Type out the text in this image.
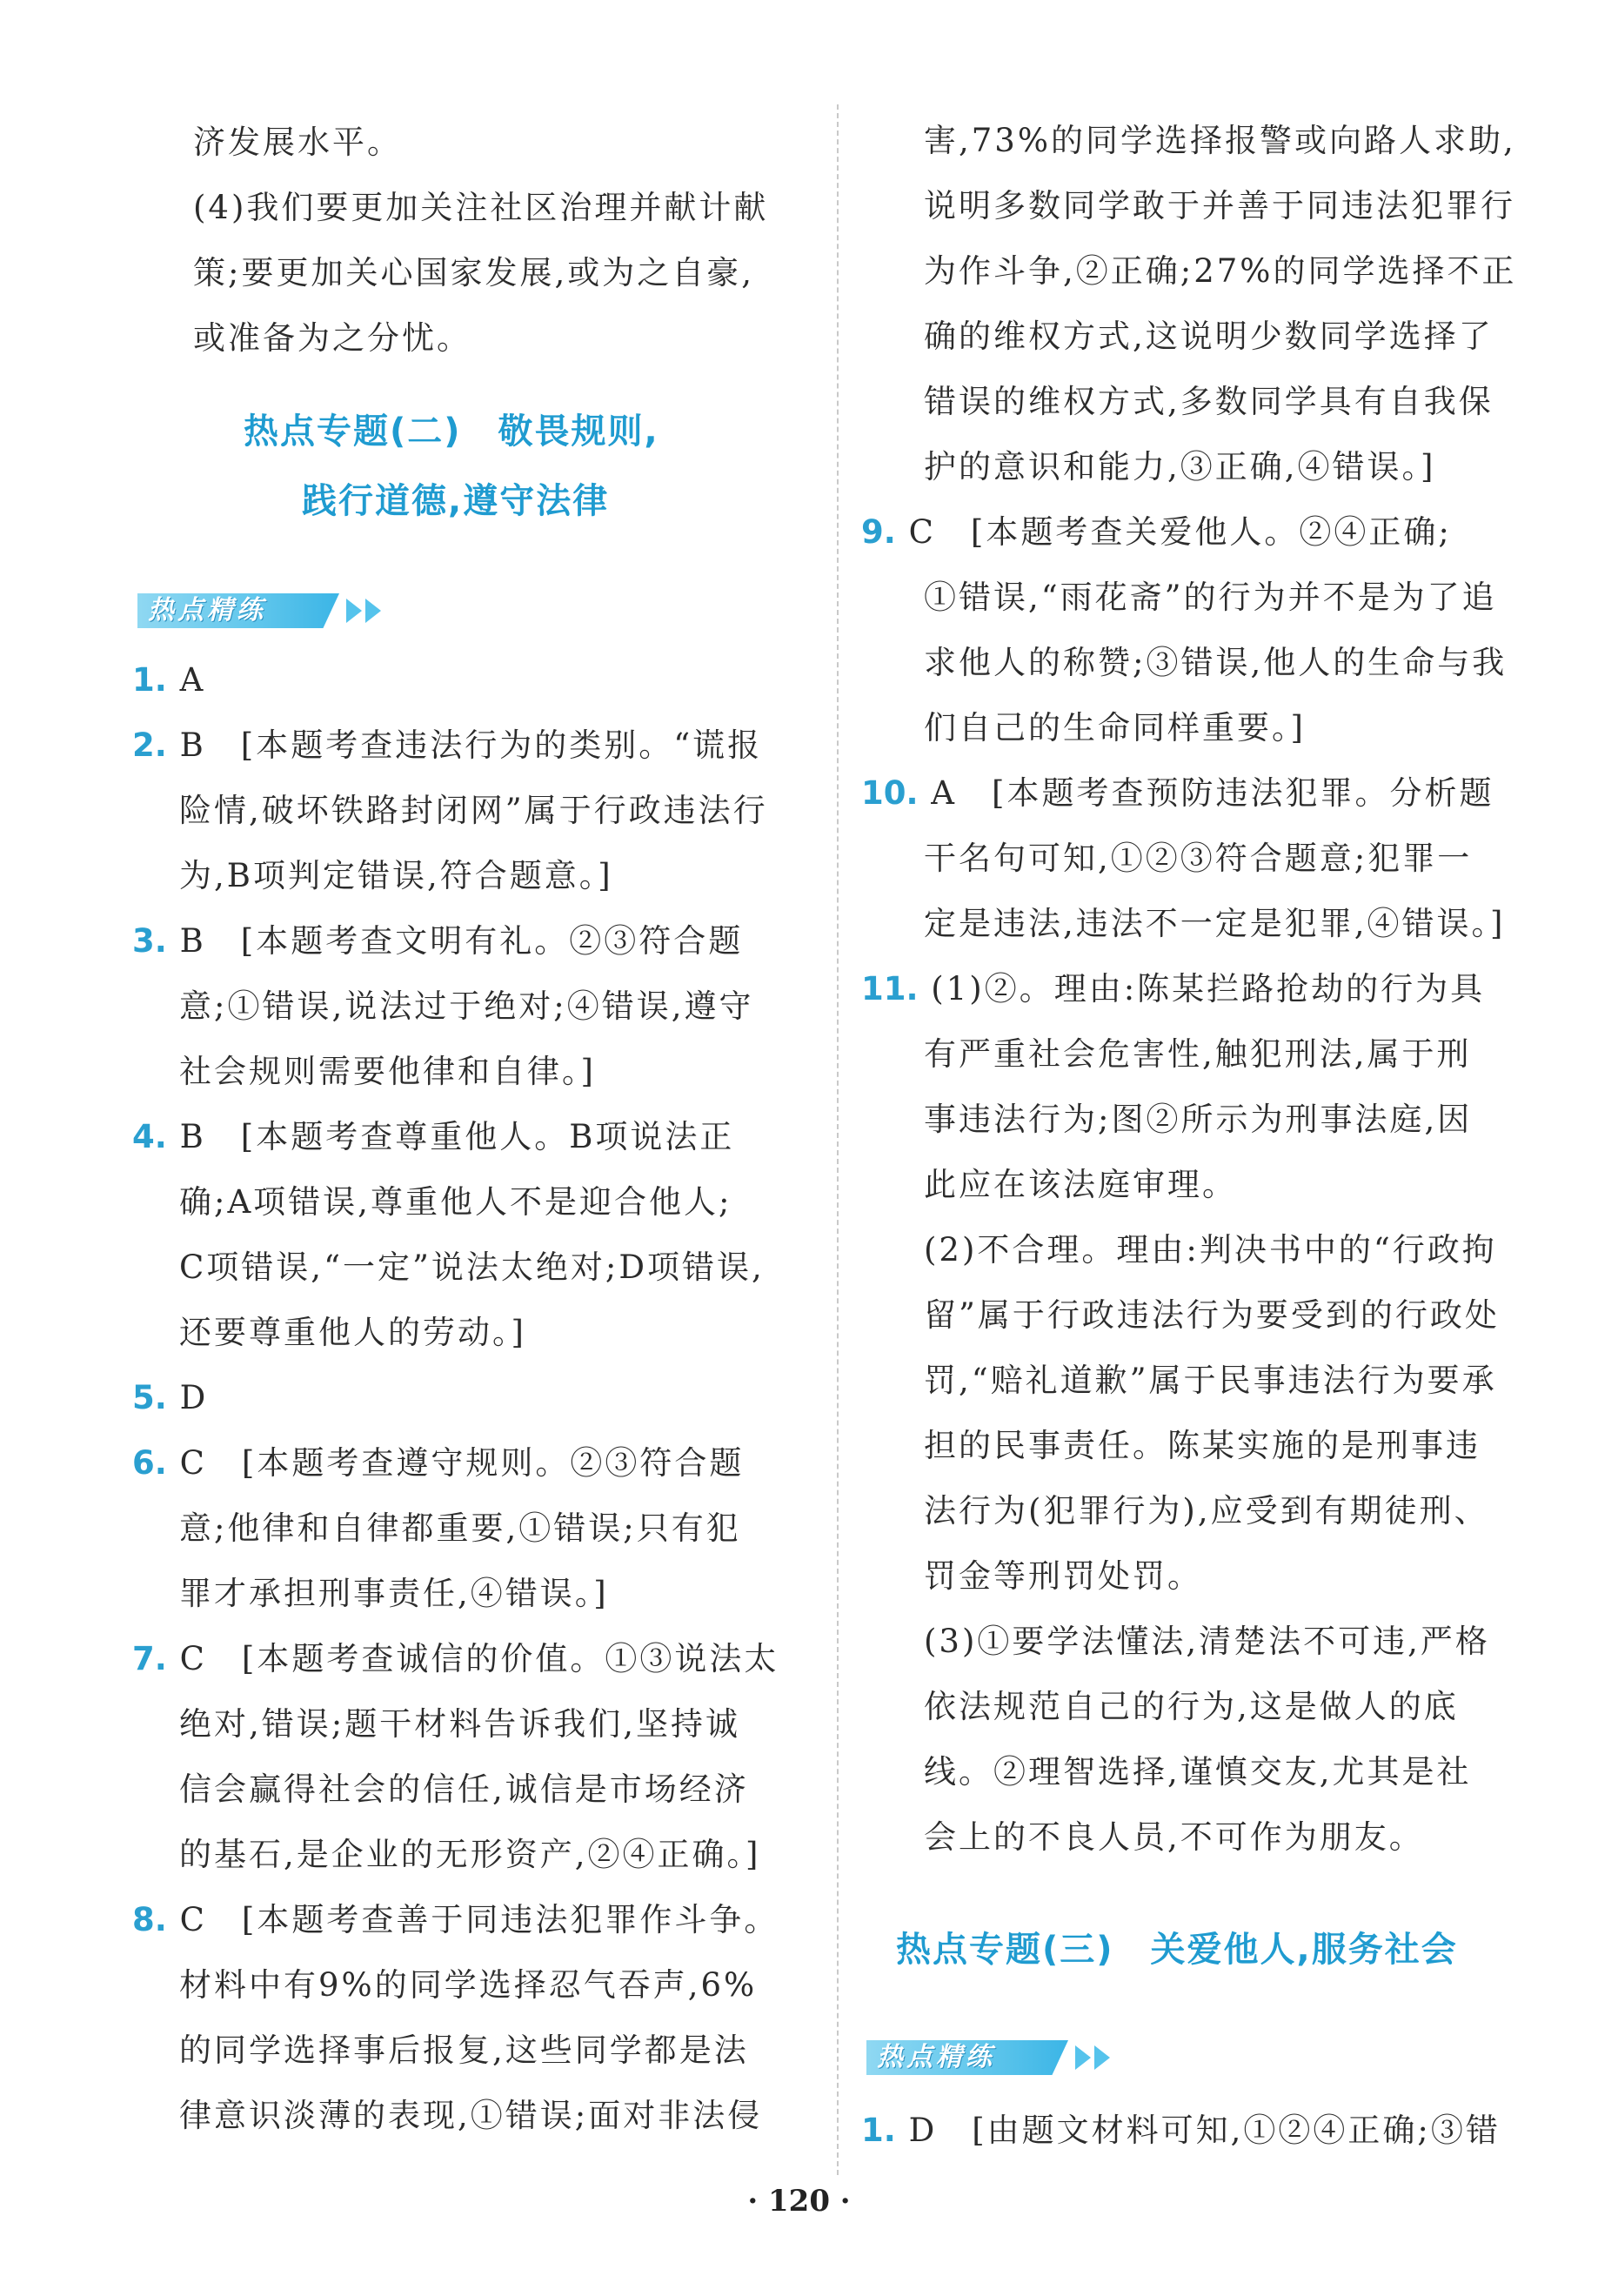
济发展水平。
(4)我们要更加关注社区治理并献计献
策;要更加关心国家发展,或为之自豪,
或准备为之分忧。
热点专题(二)　敬畏规则,
践行道德,遵守法律
热点精练
1. A
2. B　[本题考查违法行为的类别。“谎报
险情,破坏铁路封闭网”属于行政违法行
为,B项判定错误,符合题意。]
3. B　[本题考查文明有礼。②③符合题
意;①错误,说法过于绝对;④错误,遵守
社会规则需要他律和自律。]
4. B　[本题考查尊重他人。B项说法正
确;A项错误,尊重他人不是迎合他人;
C项错误,“一定”说法太绝对;D项错误,
还要尊重他人的劳动。]
5. D
6. C　[本题考查遵守规则。②③符合题
意;他律和自律都重要,①错误;只有犯
罪才承担刑事责任,④错误。]
7. C　[本题考查诚信的价值。①③说法太
绝对,错误;题干材料告诉我们,坚持诚
信会赢得社会的信任,诚信是市场经济
的基石,是企业的无形资产,②④正确。]
8. C　[本题考查善于同违法犯罪作斗争。
材料中有9%的同学选择忍气吞声,6%
的同学选择事后报复,这些同学都是法
律意识淡薄的表现,①错误;面对非法侵
害,73%的同学选择报警或向路人求助,
说明多数同学敢于并善于同违法犯罪行
为作斗争,②正确;27%的同学选择不正
确的维权方式,这说明少数同学选择了
错误的维权方式,多数同学具有自我保
护的意识和能力,③正确,④错误。]
9. C　[本题考查关爱他人。②④正确;
①错误,“雨花斋”的行为并不是为了追
求他人的称赞;③错误,他人的生命与我
们自己的生命同样重要。]
10. A　[本题考查预防违法犯罪。分析题
干名句可知,①②③符合题意;犯罪一
定是违法,违法不一定是犯罪,④错误。]
11. (1)②。理由:陈某拦路抢劫的行为具
有严重社会危害性,触犯刑法,属于刑
事违法行为;图②所示为刑事法庭,因
此应在该法庭审理。
(2)不合理。理由:判决书中的“行政拘
留”属于行政违法行为要受到的行政处
罚,“赔礼道歉”属于民事违法行为要承
担的民事责任。陈某实施的是刑事违
法行为(犯罪行为),应受到有期徒刑、
罚金等刑罚处罚。
(3)①要学法懂法,清楚法不可违,严格
依法规范自己的行为,这是做人的底
线。②理智选择,谨慎交友,尤其是社
会上的不良人员,不可作为朋友。
热点专题(三)　关爱他人,服务社会
热点精练
1. D　[由题文材料可知,①②④正确;③错
· 120 ·
